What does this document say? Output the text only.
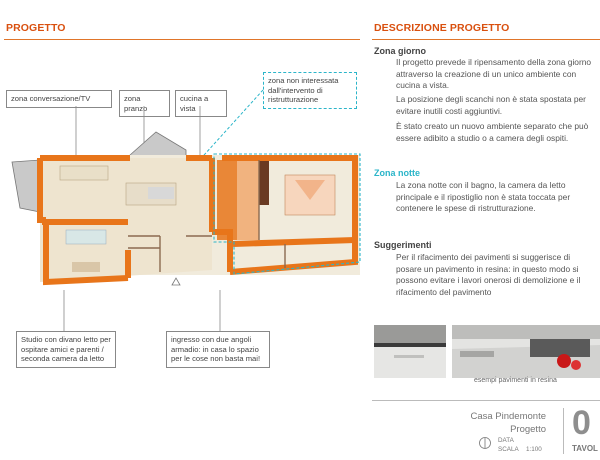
PROGETTO
zona conversazione/TV	zona pranzo
cucina a vista
zona non interessata dall'intervento di ristrutturazione
Studio con divano letto per ospitare amici e parenti / seconda camera da letto
ingresso con due angoli armadio: in casa lo spazio per le cose non basta mai!
DESCRIZIONE PROGETTO
Zona giorno
Il progetto prevede il ripensamento della zona giorno attraverso la creazione di un unico ambiente con cucina a vista.
La posizione degli scanchi non è stata spostata per evitare inutili costi aggiuntivi.
È stato creato un nuovo ambiente separato che può essere adibito a studio o a camera degli ospiti.
Zona notte
La zona notte con il bagno, la camera da letto principale e il ripostiglio non è stata toccata per contenere le spese di ristrutturazione.
Suggerimenti
Per il rifacimento dei pavimenti si suggerisce di posare un pavimento in resina: in questo modo si possono evitare i lavori onerosi di demolizione e il rifacimento del pavimento
esempi pavimenti in resina
Casa Pindemonte
Progetto
DATA
SCALA 1:100
0
TAVOL
